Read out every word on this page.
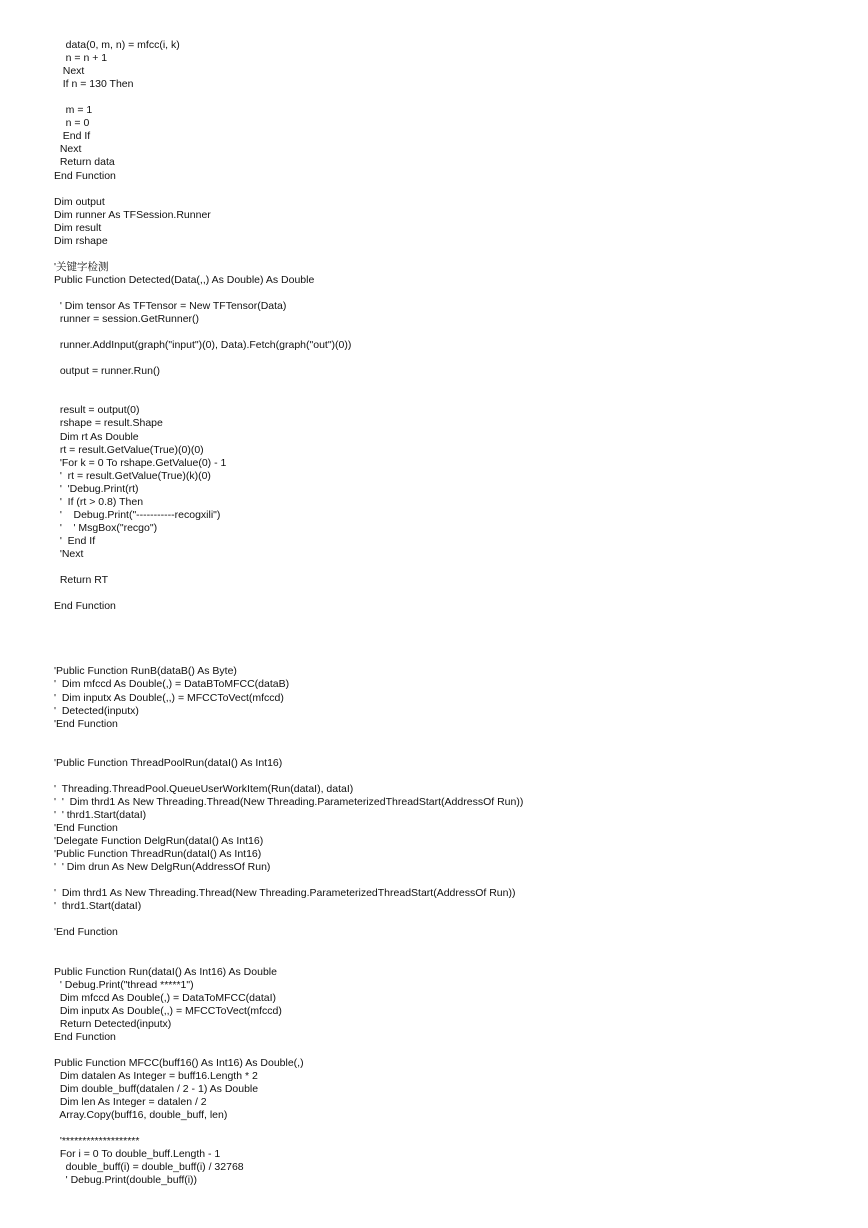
data(0, m, n) = mfcc(i, k)
n = n + 1
Next
If n = 130 Then
m = 1
n = 0
End If
Next
Return data
End Function
Dim output
Dim runner As TFSession.Runner
Dim result
Dim rshape
'关键字检测
Public Function Detected(Data(,,) As Double) As Double
' Dim tensor As TFTensor = New TFTensor(Data)
runner = session.GetRunner()
runner.AddInput(graph("input")(0), Data).Fetch(graph("out")(0))
output = runner.Run()
result = output(0)
rshape = result.Shape
Dim rt As Double
rt = result.GetValue(True)(0)(0)
'For k = 0 To rshape.GetValue(0) - 1
'  rt = result.GetValue(True)(k)(0)
'  'Debug.Print(rt)
'  If (rt > 0.8) Then
'    Debug.Print("-----------recogxili")
'    ' MsgBox("recgo")
'  End If
'Next
Return RT
End Function
'Public Function RunB(dataB() As Byte)
'  Dim mfccd As Double(,) = DataBToMFCC(dataB)
'  Dim inputx As Double(,,) = MFCCToVect(mfccd)
'  Detected(inputx)
'End Function
'Public Function ThreadPoolRun(dataI() As Int16)
'  Threading.ThreadPool.QueueUserWorkItem(Run(dataI), dataI)
'  '  Dim thrd1 As New Threading.Thread(New Threading.ParameterizedThreadStart(AddressOf Run))
'  ' thrd1.Start(dataI)
'End Function
'Delegate Function DelgRun(dataI() As Int16)
'Public Function ThreadRun(dataI() As Int16)
'  ' Dim drun As New DelgRun(AddressOf Run)
'  Dim thrd1 As New Threading.Thread(New Threading.ParameterizedThreadStart(AddressOf Run))
'  thrd1.Start(dataI)
'End Function
Public Function Run(dataI() As Int16) As Double
' Debug.Print("thread *****1")
Dim mfccd As Double(,) = DataToMFCC(dataI)
Dim inputx As Double(,,) = MFCCToVect(mfccd)
Return Detected(inputx)
End Function
Public Function MFCC(buff16() As Int16) As Double(,)
Dim datalen As Integer = buff16.Length * 2
Dim double_buff(datalen / 2 - 1) As Double
Dim len As Integer = datalen / 2
Array.Copy(buff16, double_buff, len)
'*******************
For i = 0 To double_buff.Length - 1
double_buff(i) = double_buff(i) / 32768
' Debug.Print(double_buff(i))
